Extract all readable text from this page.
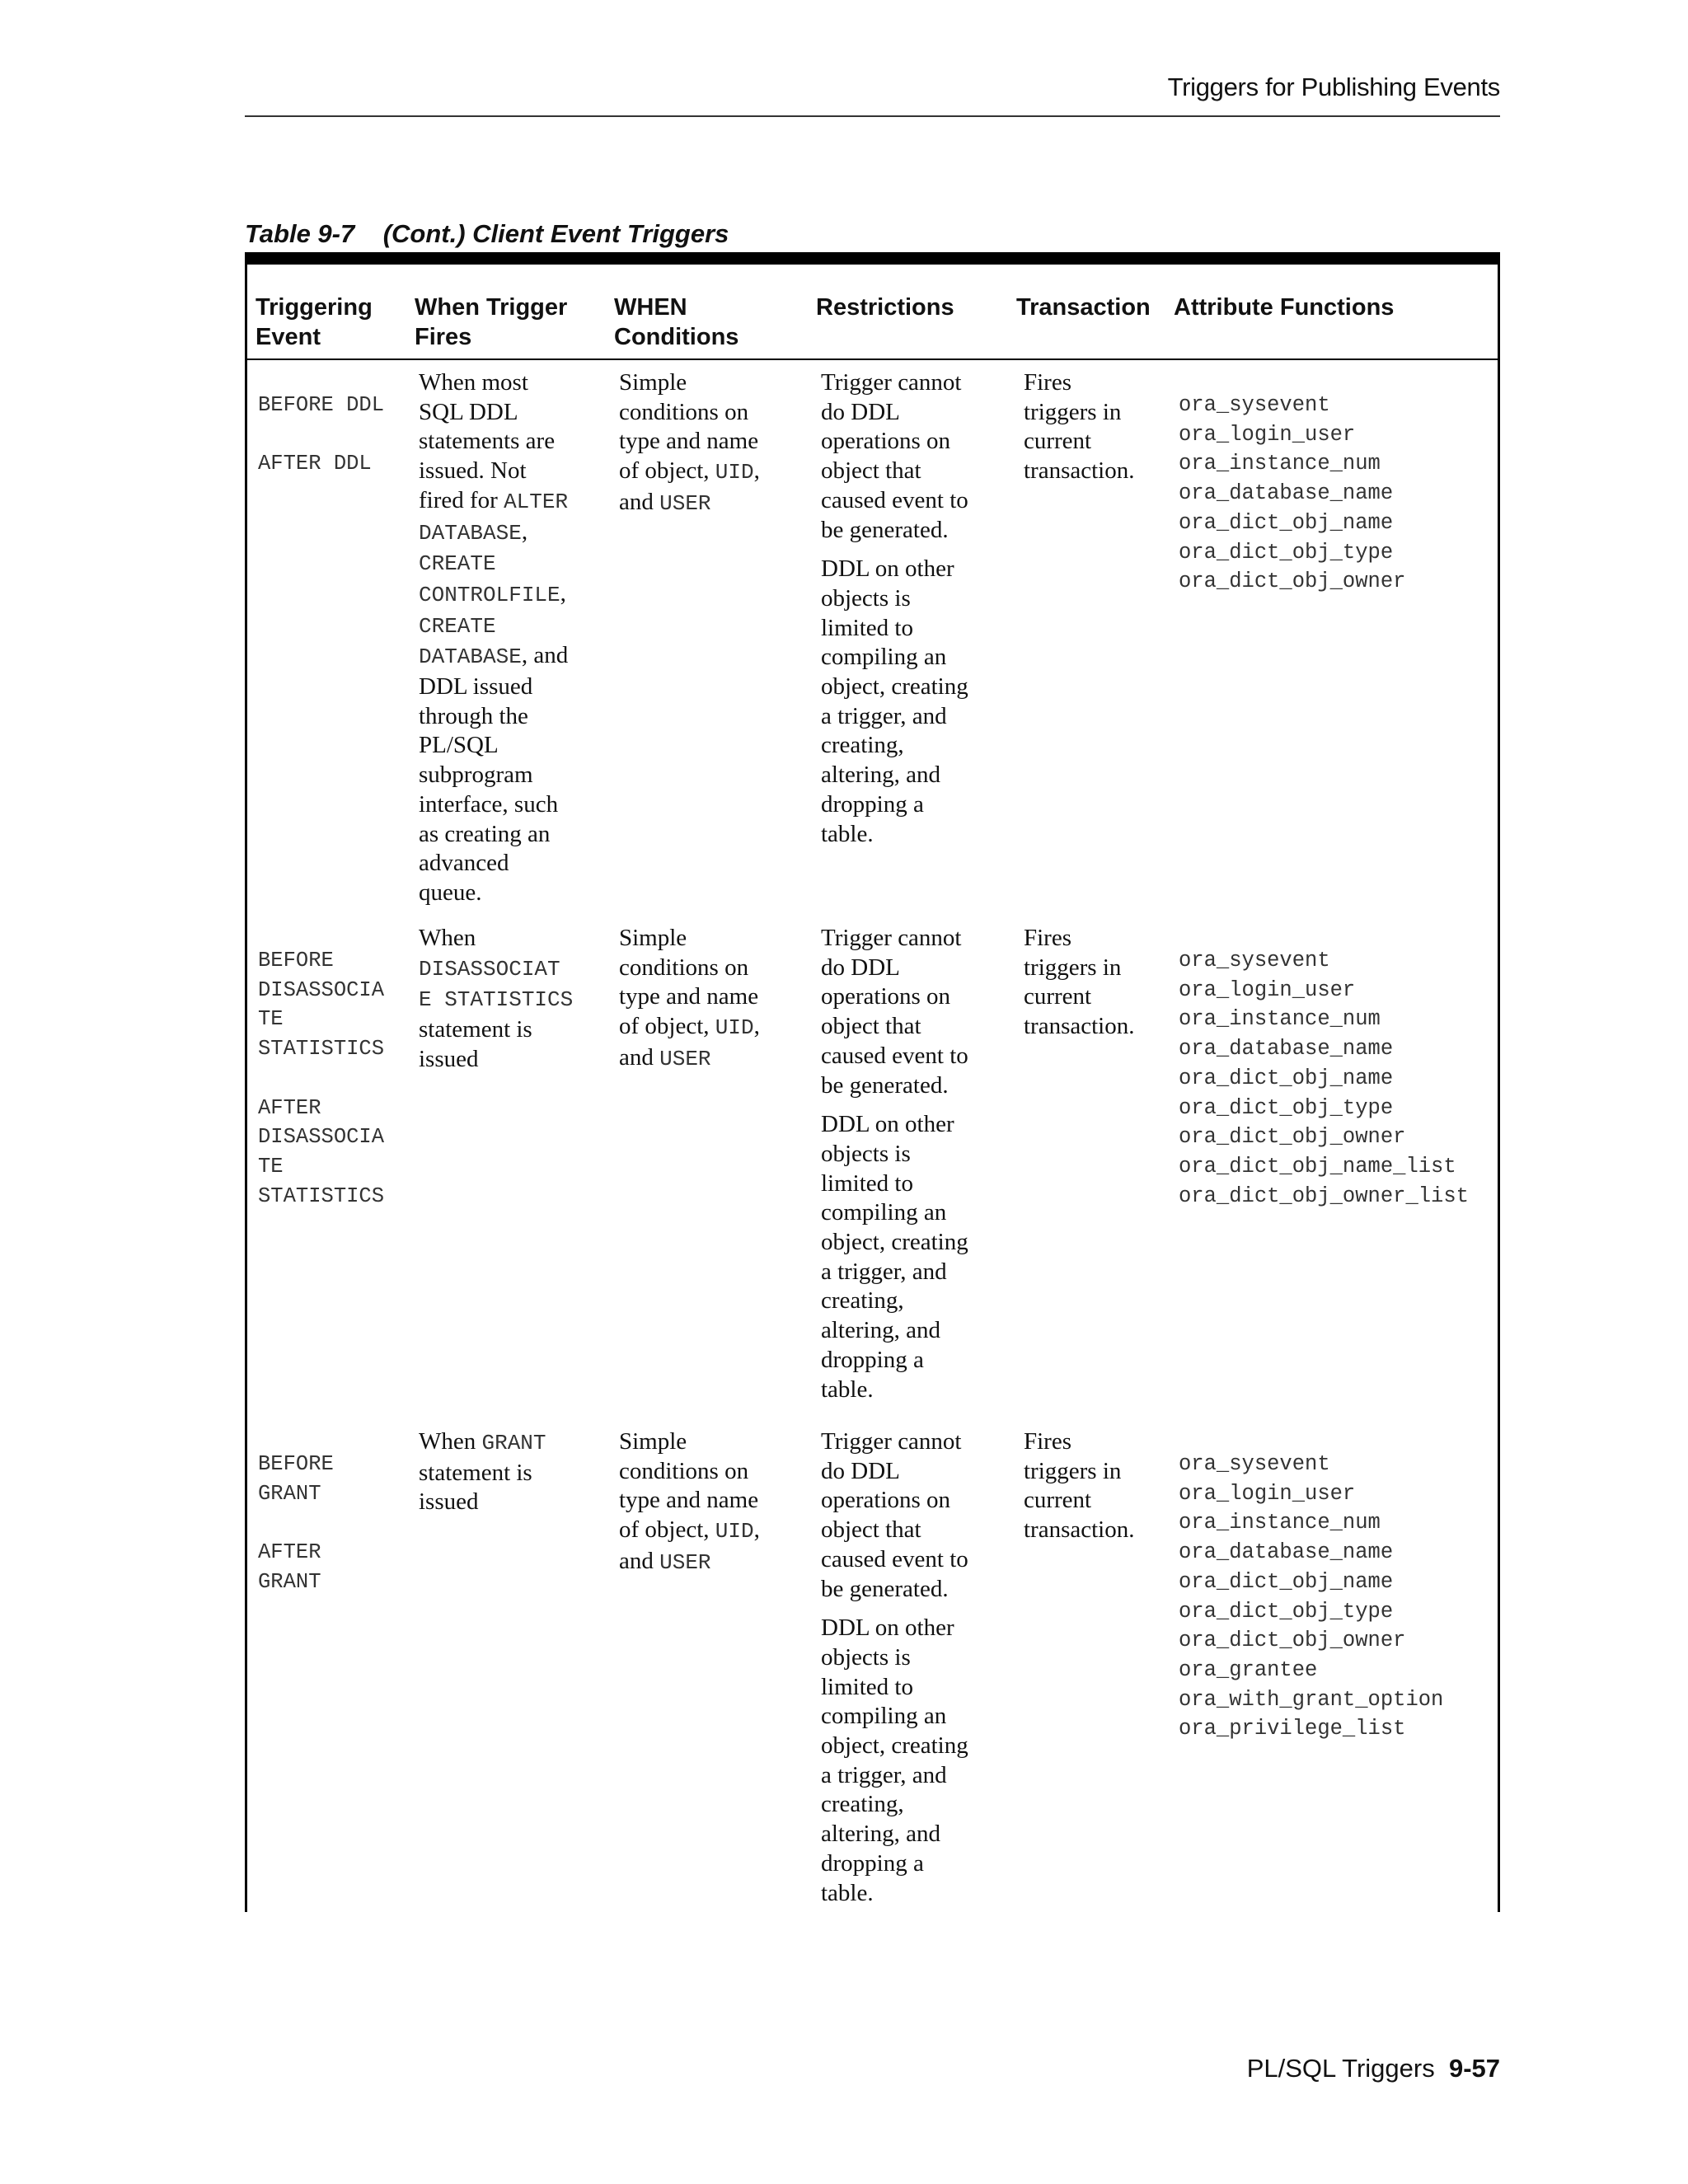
Triggers for Publishing Events
Table 9-7 (Cont.) Client Event Triggers
Triggering
Event
When Trigger
Fires
WHEN
Conditions
Restrictions	Transaction Attribute Functions
BEFORE DDL
AFTER DDL
When most
SQL DDL
statements are
issued. Not
fired for ALTER
DATABASE,
CREATE
CONTROLFILE,
CREATE
DATABASE, and
DDL issued
through the
PL/SQL
subprogram
interface, such
as creating an
advanced
queue.
Simple
conditions on
type and name
of object, UID,
and USER
Trigger cannot
do DDL
operations on
object that
caused event to
be generated.
DDL on other
objects is
limited to
compiling an
object, creating
a trigger, and
creating,
altering, and
dropping a
table.
Fires
triggers in
current
transaction.
ora_sysevent
ora_login_user
ora_instance_num
ora_database_name
ora_dict_obj_name
ora_dict_obj_type
ora_dict_obj_owner
BEFORE
DISASSOCIA
TE
STATISTICS
AFTER
DISASSOCIA
TE
STATISTICS
When
DISASSOCIAT
E STATISTICS
statement is
issued
Simple
conditions on
type and name
of object, UID,
and USER
Trigger cannot
do DDL
operations on
object that
caused event to
be generated.
DDL on other
objects is
limited to
compiling an
object, creating
a trigger, and
creating,
altering, and
dropping a
table.
Fires
triggers in
current
transaction.
ora_sysevent
ora_login_user
ora_instance_num
ora_database_name
ora_dict_obj_name
ora_dict_obj_type
ora_dict_obj_owner
ora_dict_obj_name_list
ora_dict_obj_owner_list
BEFORE
GRANT
AFTER
GRANT
When GRANT
statement is
issued
Simple
conditions on
type and name
of object, UID,
and USER
Trigger cannot
do DDL
operations on
object that
caused event to
be generated.
DDL on other
objects is
limited to
compiling an
object, creating
a trigger, and
creating,
altering, and
dropping a
table.
Fires
triggers in
current
transaction.
ora_sysevent
ora_login_user
ora_instance_num
ora_database_name
ora_dict_obj_name
ora_dict_obj_type
ora_dict_obj_owner
ora_grantee
ora_with_grant_option
ora_privilege_list
PL/SQL Triggers 9-57
